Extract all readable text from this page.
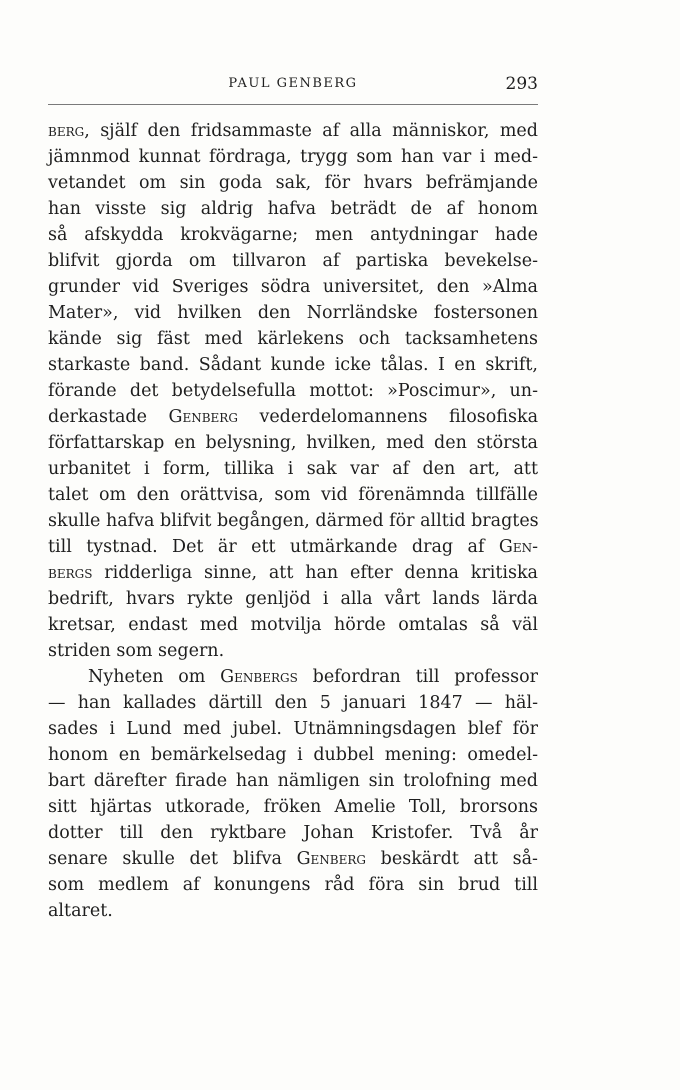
PAUL GENBERG	293
berg, själf den fridsammaste af alla människor, med
jämnmod kunnat fördraga, trygg som han var i med-
vetandet om sin goda sak, för hvars befrämjande
han visste sig aldrig hafva beträdt de af honom
så afskydda krokvägarne; men antydningar hade
blifvit gjorda om tillvaron af partiska bevekelse-
grunder vid Sveriges södra universitet, den »Alma
Mater», vid hvilken den Norrländske fostersonen
kände sig fäst med kärlekens och tacksamhetens
starkaste band. Sådant kunde icke tålas. I en skrift,
förande det betydelsefulla mottot: »Poscimur», un-
derkastade Genberg vederdelomannens filosofiska
författarskap en belysning, hvilken, med den största
urbanitet i form, tillika i sak var af den art, att
talet om den orättvisa, som vid förenämnda tillfälle
skulle hafva blifvit begången, därmed för alltid bragtes
till tystnad. Det är ett utmärkande drag af Gen-
bergs ridderliga sinne, att han efter denna kritiska
bedrift, hvars rykte genljöd i alla vårt lands lärda
kretsar, endast med motvilja hörde omtalas så väl
striden som segern.
Nyheten om Genbergs befordran till professor
— han kallades därtill den 5 januari 1847 — häl-
sades i Lund med jubel. Utnämningsdagen blef för
honom en bemärkelsedag i dubbel mening: omedel-
bart därefter firade han nämligen sin trolofning med
sitt hjärtas utkorade, fröken Amelie Toll, brorsons
dotter till den ryktbare Johan Kristofer. Två år
senare skulle det blifva Genberg beskärdt att så-
som medlem af konungens råd föra sin brud till
altaret.
